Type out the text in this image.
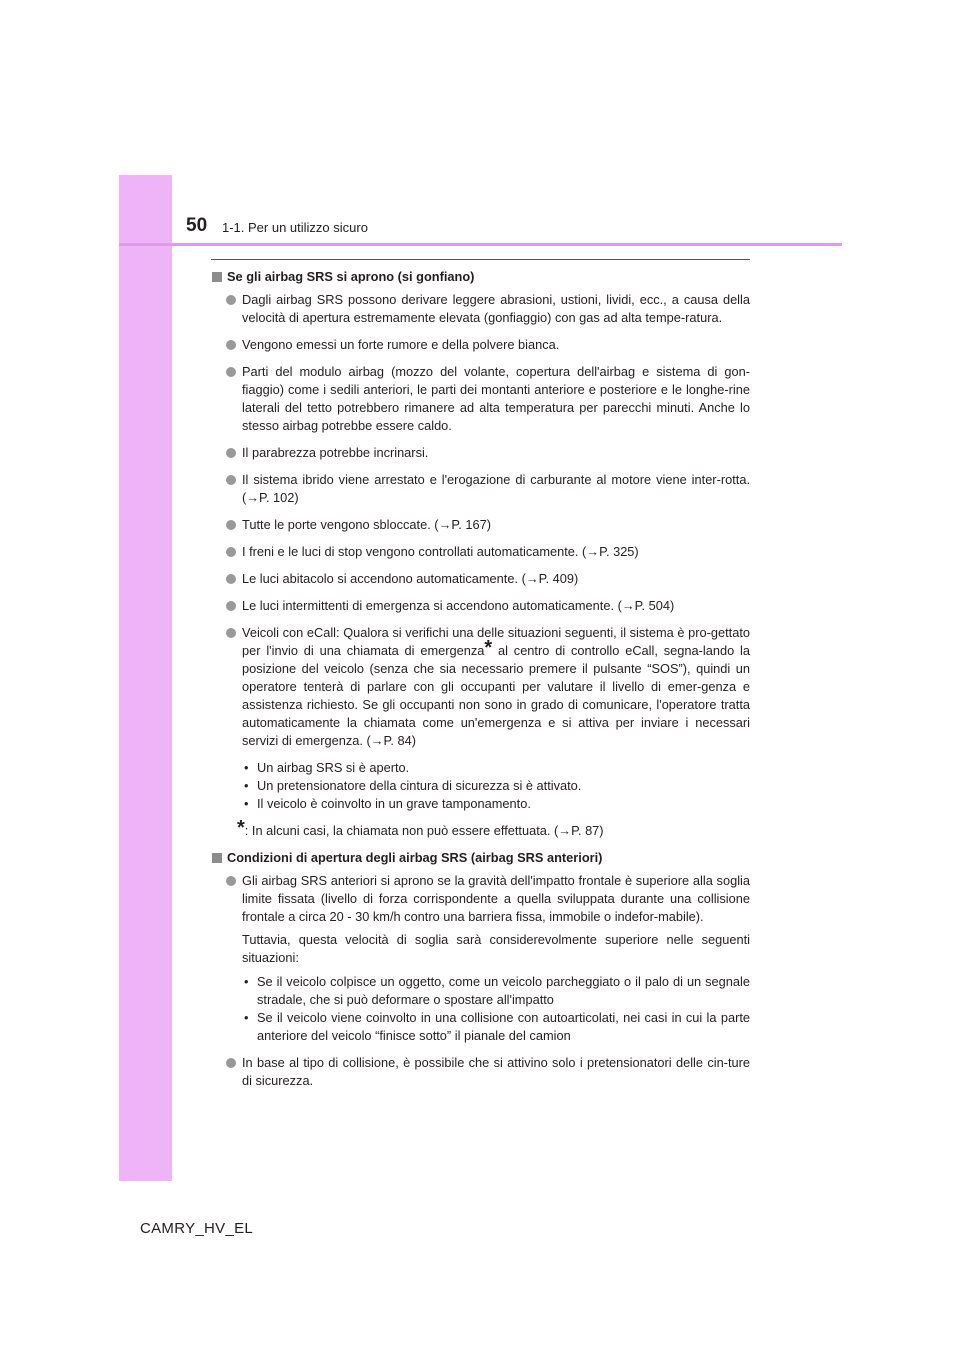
50 1-1. Per un utilizzo sicuro
Se gli airbag SRS si aprono (si gonfiano)
Dagli airbag SRS possono derivare leggere abrasioni, ustioni, lividi, ecc., a causa della velocità di apertura estremamente elevata (gonfiaggio) con gas ad alta tempe-ratura.
Vengono emessi un forte rumore e della polvere bianca.
Parti del modulo airbag (mozzo del volante, copertura dell'airbag e sistema di gon-fiaggio) come i sedili anteriori, le parti dei montanti anteriore e posteriore e le longhe-rine laterali del tetto potrebbero rimanere ad alta temperatura per parecchi minuti. Anche lo stesso airbag potrebbe essere caldo.
Il parabrezza potrebbe incrinarsi.
Il sistema ibrido viene arrestato e l'erogazione di carburante al motore viene inter-rotta. (→P. 102)
Tutte le porte vengono sbloccate. (→P. 167)
I freni e le luci di stop vengono controllati automaticamente. (→P. 325)
Le luci abitacolo si accendono automaticamente. (→P. 409)
Le luci intermittenti di emergenza si accendono automaticamente. (→P. 504)
Veicoli con eCall: Qualora si verifichi una delle situazioni seguenti, il sistema è pro-gettato per l'invio di una chiamata di emergenza* al centro di controllo eCall, segna-lando la posizione del veicolo (senza che sia necessario premere il pulsante “SOS”), quindi un operatore tenterà di parlare con gli occupanti per valutare il livello di emer-genza e assistenza richiesto. Se gli occupanti non sono in grado di comunicare, l'operatore tratta automaticamente la chiamata come un'emergenza e si attiva per inviare i necessari servizi di emergenza. (→P. 84)
• Un airbag SRS si è aperto.
• Un pretensionatore della cintura di sicurezza si è attivato.
• Il veicolo è coinvolto in un grave tamponamento.
*: In alcuni casi, la chiamata non può essere effettuata. (→P. 87)
Condizioni di apertura degli airbag SRS (airbag SRS anteriori)
Gli airbag SRS anteriori si aprono se la gravità dell'impatto frontale è superiore alla soglia limite fissata (livello di forza corrispondente a quella sviluppata durante una collisione frontale a circa 20 - 30 km/h contro una barriera fissa, immobile o indefor-mabile).
Tuttavia, questa velocità di soglia sarà considerevolmente superiore nelle seguenti situazioni:
• Se il veicolo colpisce un oggetto, come un veicolo parcheggiato o il palo di un segnale stradale, che si può deformare o spostare all'impatto
• Se il veicolo viene coinvolto in una collisione con autoarticolati, nei casi in cui la parte anteriore del veicolo “finisce sotto” il pianale del camion
In base al tipo di collisione, è possibile che si attivino solo i pretensionatori delle cin-ture di sicurezza.
CAMRY_HV_EL
